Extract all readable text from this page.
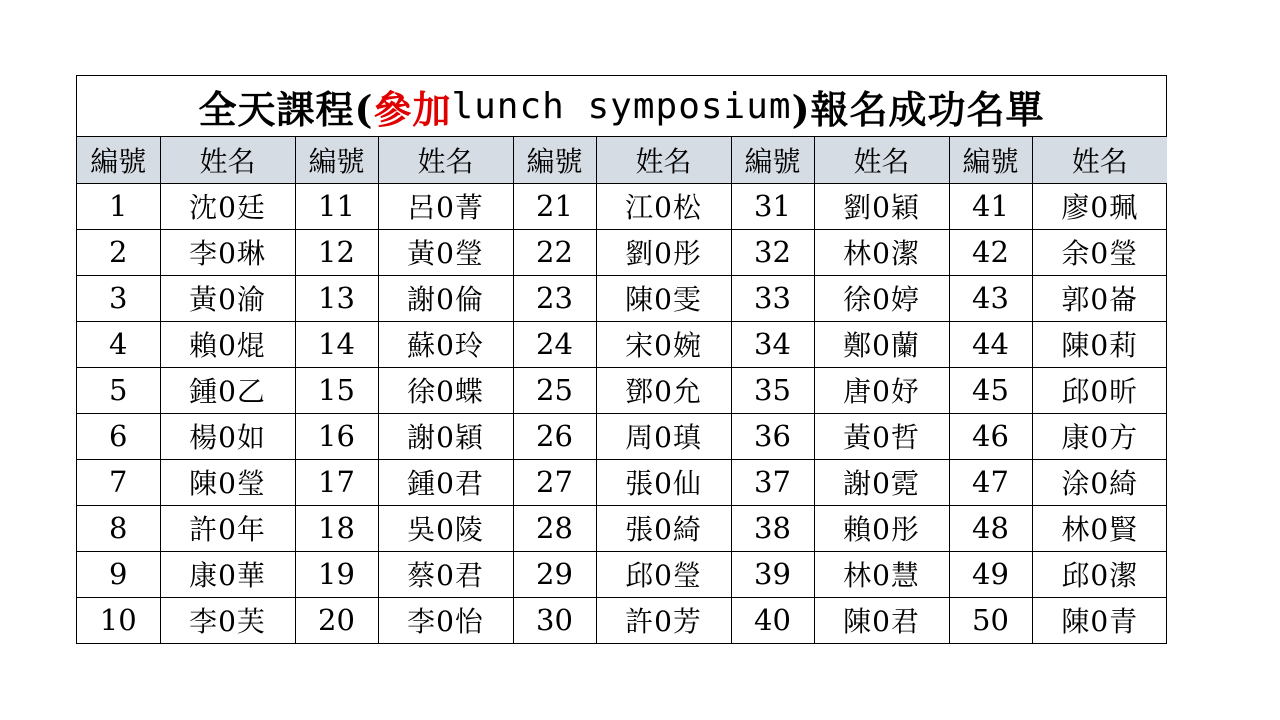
全天課程( 參加 lunch symposium )報名成功名單
編號	姓名	編號	姓名	編號	姓名	編號	姓名	編號	姓名
1	沈0廷	11	呂0菁	21	江0松	31	劉0穎	41	廖0珮
2	李0琳	12	黃0瑩	22	劉0彤	32	林0潔	42	余0瑩
3	黃0渝	13	謝0倫	23	陳0雯	33	徐0婷	43	郭0崙
4	賴0焜	14	蘇0玲	24	宋0婉	34	鄭0蘭	44	陳0莉
5	鍾0乙	15	徐0蝶	25	鄧0允	35	唐0妤	45	邱0昕
6	楊0如	16	謝0穎	26	周0瑱	36	黃0哲	46	康0方
7	陳0瑩	17	鍾0君	27	張0仙	37	謝0霓	47	涂0綺
8	許0年	18	吳0陵	28	張0綺	38	賴0彤	48	林0賢
9	康0華	19	蔡0君	29	邱0瑩	39	林0慧	49	邱0潔
10	李0芙	20	李0怡	30	許0芳	40	陳0君	50	陳0青
